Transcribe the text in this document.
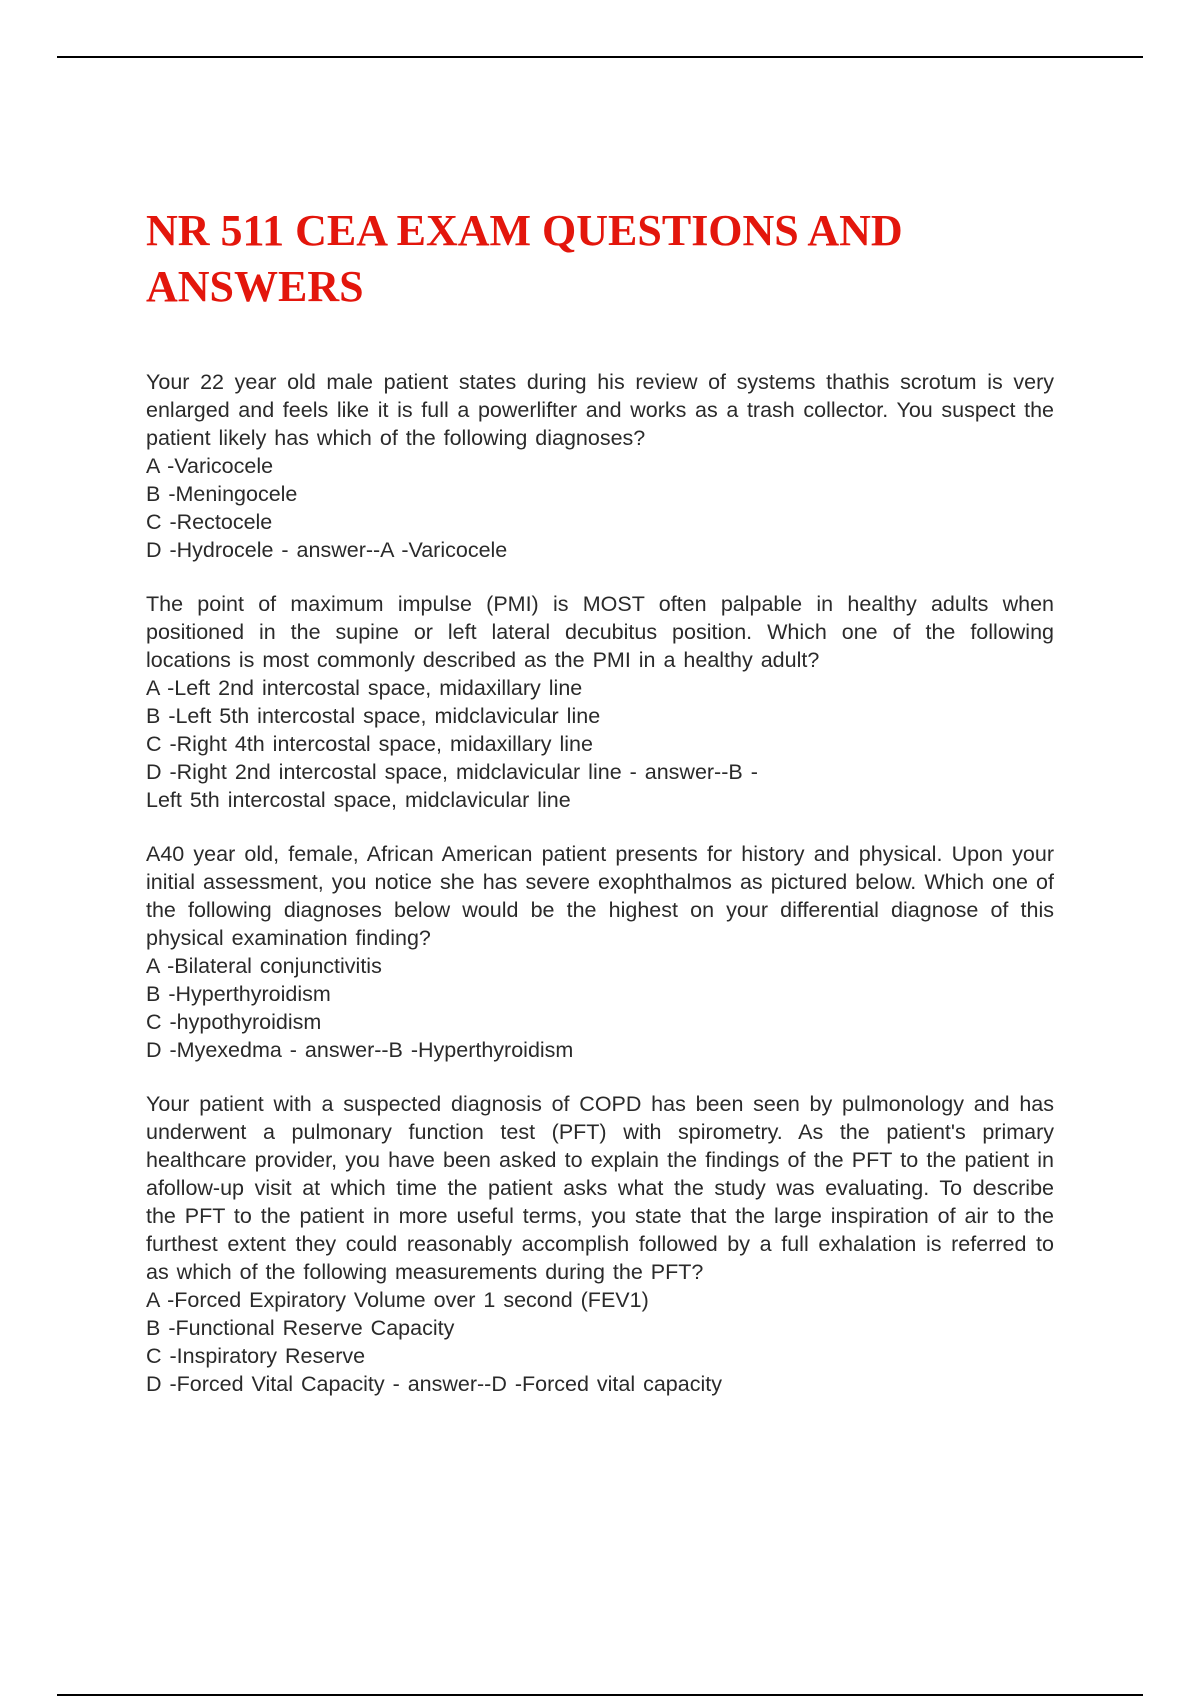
NR 511 CEA EXAM QUESTIONS AND ANSWERS

Your 22 year old male patient states during his review of systems thathis scrotum is very enlarged and feels like it is full a powerlifter and works as a trash collector. You suspect the patient likely has which of the following diagnoses?

A -Varicocele

B -Meningocele

C -Rectocele

D -Hydrocele - answer--A -Varicocele

The point of maximum impulse (PMI) is MOST often palpable in healthy adults when positioned in the supine or left lateral decubitus position. Which one of the following locations is most commonly described as the PMI in a healthy adult?

A -Left 2nd intercostal space, midaxillary line

B -Left 5th intercostal space, midclavicular line

C -Right 4th intercostal space, midaxillary line

D -Right 2nd intercostal space, midclavicular line - answer--B -

Left 5th intercostal space, midclavicular line

A40 year old, female, African American patient presents for history and physical. Upon your initial assessment, you notice she has severe exophthalmos as pictured below. Which one of the following diagnoses below would be the highest on your differential diagnose of this physical examination finding?

A -Bilateral conjunctivitis

B -Hyperthyroidism

C -hypothyroidism

D -Myexedma - answer--B -Hyperthyroidism

Your patient with a suspected diagnosis of COPD has been seen by pulmonology and has underwent a pulmonary function test (PFT) with spirometry. As the patient's primary healthcare provider, you have been asked to explain the findings of the PFT to the patient in afollow-up visit at which time the patient asks what the study was evaluating. To describe the PFT to the patient in more useful terms, you state that the large inspiration of air to the furthest extent they could reasonably accomplish followed by a full exhalation is referred to as which of the following measurements during the PFT?

A -Forced Expiratory Volume over 1 second (FEV1)

B -Functional Reserve Capacity

C -Inspiratory Reserve

D -Forced Vital Capacity - answer--D -Forced vital capacity
